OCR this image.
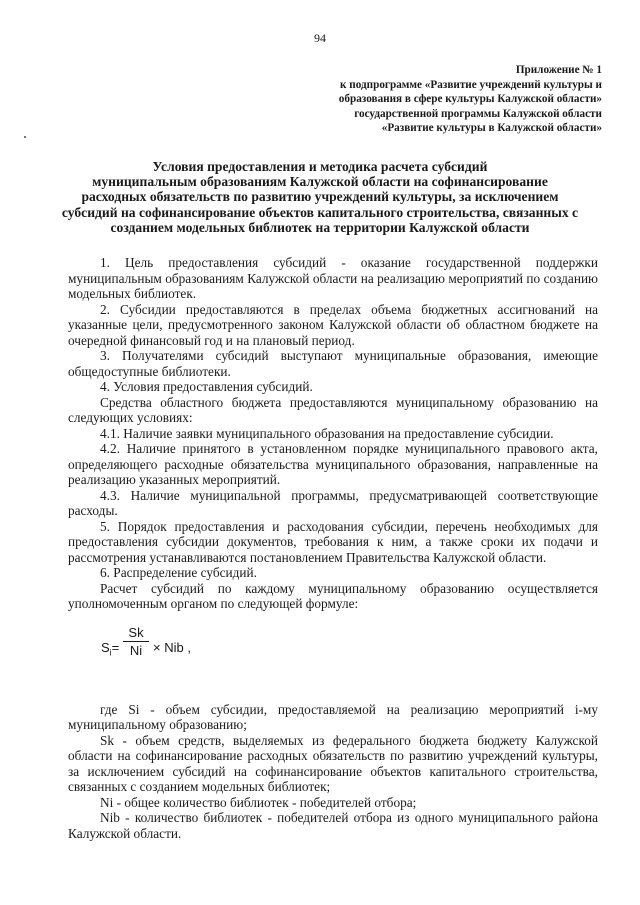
94
Приложение № 1
к подпрограмме «Развитие учреждений культуры и
образования в сфере культуры Калужской области»
государственной программы Калужской области
«Развитие культуры в Калужской области»
Условия предоставления и методика расчета субсидий
муниципальным образованиям Калужской области на софинансирование
расходных обязательств по развитию учреждений культуры, за исключением
субсидий на софинансирование объектов капитального строительства, связанных с
созданием модельных библиотек на территории Калужской области

1. Цель предоставления субсидий - оказание государственной поддержки муниципальным образованиям Калужской области на реализацию мероприятий по созданию модельных библиотек.

2. Субсидии предоставляются в пределах объема бюджетных ассигнований на указанные цели, предусмотренного законом Калужской области об областном бюджете на очередной финансовый год и на плановый период.

3. Получателями субсидий выступают муниципальные образования, имеющие общедоступные библиотеки.

4. Условия предоставления субсидий.

Средства областного бюджета предоставляются муниципальному образованию на следующих условиях:

4.1. Наличие заявки муниципального образования на предоставление субсидии.

4.2. Наличие принятого в установленном порядке муниципального правового акта, определяющего расходные обязательства муниципального образования, направленные на реализацию указанных мероприятий.

4.3. Наличие муниципальной программы, предусматривающей соответствующие расходы.

5. Порядок предоставления и расходования субсидии, перечень необходимых для предоставления субсидии документов, требования к ним, а также сроки их подачи и рассмотрения устанавливаются постановлением Правительства Калужской области.

6. Распределение субсидий.

Расчет субсидий по каждому муниципальному образованию осуществляется уполномоченным органом по следующей формуле:

$S_i= \frac{Sk}{Ni}$ × Nib ,

где Si - объем субсидии, предоставляемой на реализацию мероприятий i-му муниципальному образованию;

Sk - объем средств, выделяемых из федерального бюджета бюджету Калужской области на софинансирование расходных обязательств по развитию учреждений культуры, за исключением субсидий на софинансирование объектов капитального строительства, связанных с созданием модельных библиотек;

Ni - общее количество библиотек - победителей отбора;

Nib - количество библиотек - победителей отбора из одного муниципального района Калужской области.
